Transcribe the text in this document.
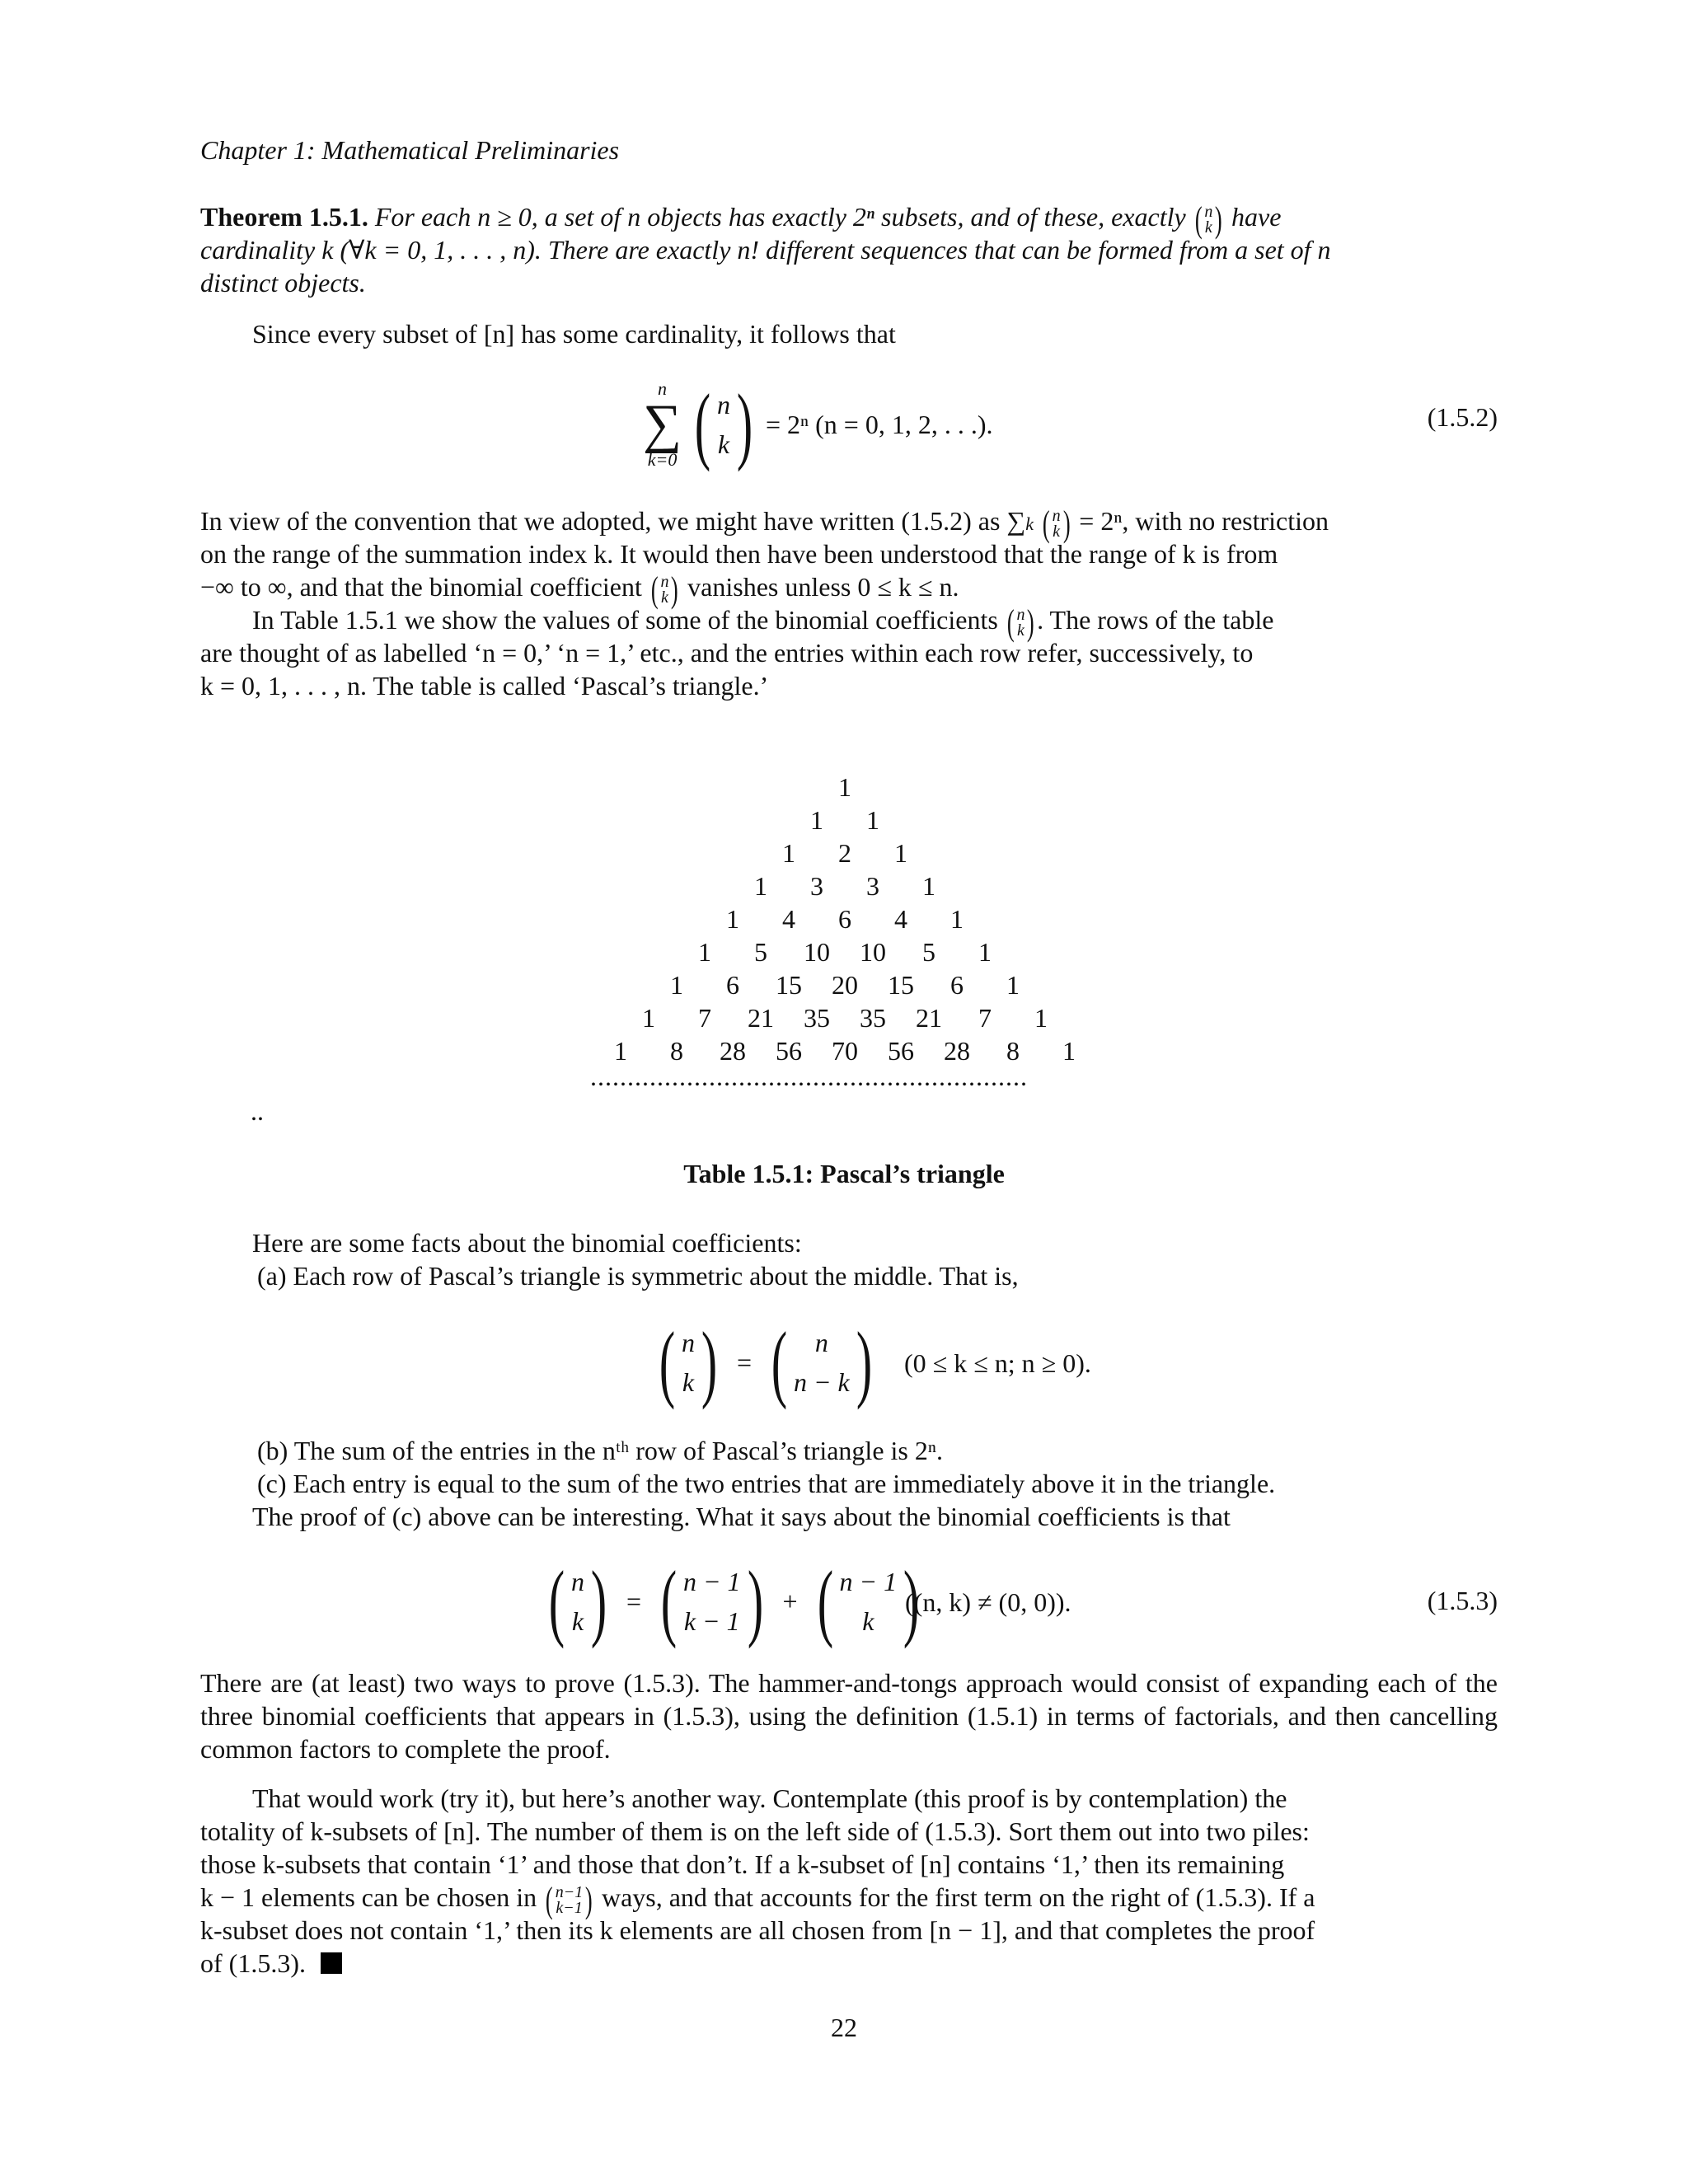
Chapter 1: Mathematical Preliminaries
Theorem 1.5.1. For each n ≥ 0, a set of n objects has exactly 2ⁿ subsets, and of these, exactly ( n
k ) have
cardinality k (∀k = 0, 1, . . . , n). There are exactly n! different sequences that can be formed from a set of n
distinct objects.
Since every subset of [n] has some cardinality, it follows that
n
∑
k=0 ( n
k ) = 2ⁿ (n = 0, 1, 2, . . .).	(1.5.2)
In view of the convention that we adopted, we might have written (1.5.2) as ∑k ( n
k ) = 2ⁿ, with no restriction
on the range of the summation index k. It would then have been understood that the range of k is from
−∞ to ∞, and that the binomial coefficient ( n
k ) vanishes unless 0 ≤ k ≤ n.
In Table 1.5.1 we show the values of some of the binomial coefficients ( n
k ). The rows of the table
are thought of as labelled ‘n = 0,’ ‘n = 1,’ etc., and the entries within each row refer, successively, to
k = 0, 1, . . . , n. The table is called ‘Pascal’s triangle.’
1
1	1
1	2	1
1	3	3	1
1	4	6	4	1
1	5	10	10	5	1
1	6	15	20	15	6	1
1	7	21	35	35	21	7	1
1	8	28	56	70	56	28	8	1
...........................................................
..
Table 1.5.1: Pascal’s triangle
Here are some facts about the binomial coefficients:
(a) Each row of Pascal’s triangle is symmetric about the middle. That is,
( n
k )  =  (	n
n − k ) (0 ≤ k ≤ n; n ≥ 0).
(b) The sum of the entries in the nᵗʰ row of Pascal’s triangle is 2ⁿ.
(c) Each entry is equal to the sum of the two entries that are immediately above it in the triangle.
The proof of (c) above can be interesting. What it says about the binomial coefficients is that
( n
k )  =  ( n − 1
k − 1 )  +  ( n − 1
k )
((n, k) ≠ (0, 0)).	(1.5.3)
There are (at least) two ways to prove (1.5.3). The hammer-and-tongs approach would consist of expanding each of the three binomial coefficients that appears in (1.5.3), using the definition (1.5.1) in terms of factorials, and then cancelling common factors to complete the proof.
That would work (try it), but here’s another way. Contemplate (this proof is by contemplation) the
totality of k-subsets of [n]. The number of them is on the left side of (1.5.3). Sort them out into two piles:
those k-subsets that contain ‘1’ and those that don’t. If a k-subset of [n] contains ‘1,’ then its remaining
k − 1 elements can be chosen in ( n−1
k−1 ) ways, and that accounts for the first term on the right of (1.5.3). If a
k-subset does not contain ‘1,’ then its k elements are all chosen from [n − 1], and that completes the proof
of (1.5.3).
22
